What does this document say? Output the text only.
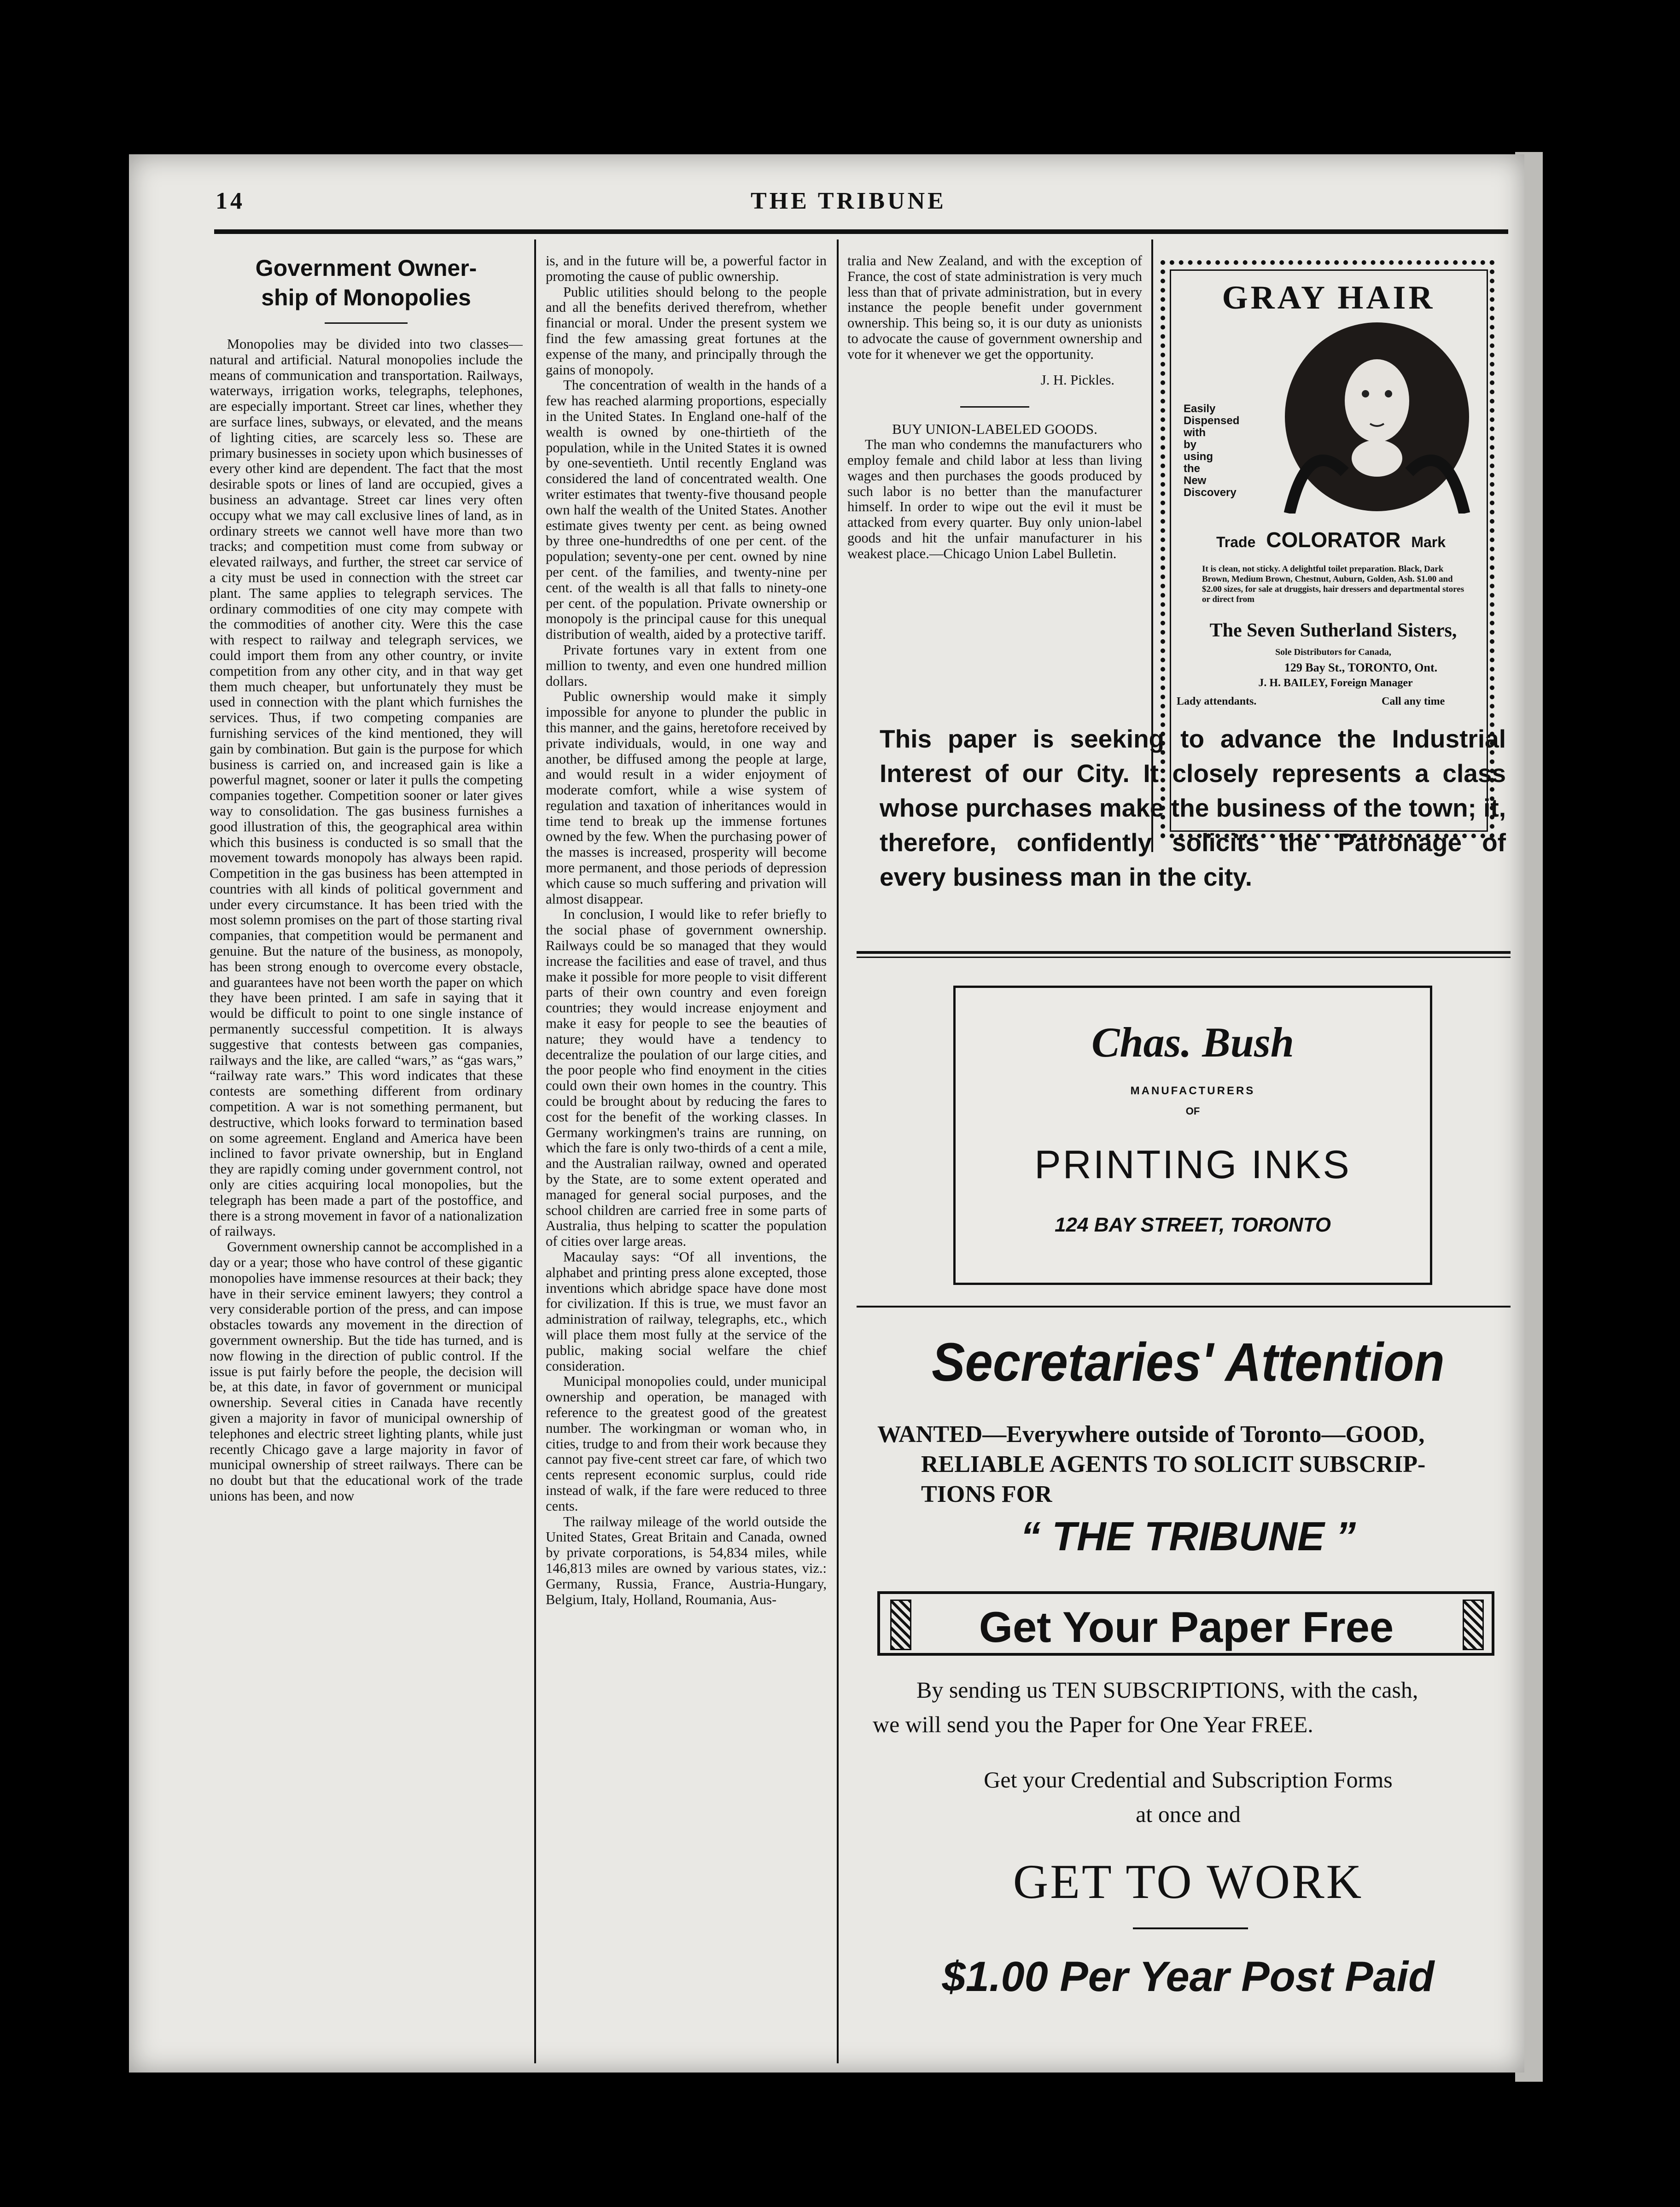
14	THE TRIBUNE
Government Owner-
ship of Monopolies

Monopolies may be divided into two classes—natural and artificial. Natural monopolies include the means of communication and transportation. Railways, waterways, irrigation works, telegraphs, telephones, are especially important. Street car lines, whether they are surface lines, subways, or elevated, and the means of lighting cities, are scarcely less so. These are primary businesses in society upon which businesses of every other kind are dependent. The fact that the most desirable spots or lines of land are occupied, gives a business an advantage. Street car lines very often occupy what we may call exclusive lines of land, as in ordinary streets we cannot well have more than two tracks; and competition must come from subway or elevated railways, and further, the street car service of a city must be used in connection with the street car plant. The same applies to telegraph services. The ordinary commodities of one city may compete with the commodities of another city. Were this the case with respect to railway and telegraph services, we could import them from any other country, or invite competition from any other city, and in that way get them much cheaper, but unfortunately they must be used in connection with the plant which furnishes the services. Thus, if two competing companies are furnishing services of the kind mentioned, they will gain by combination. But gain is the purpose for which business is carried on, and increased gain is like a powerful magnet, sooner or later it pulls the competing companies together. Competition sooner or later gives way to consolidation. The gas business furnishes a good illustration of this, the geographical area within which this business is conducted is so small that the movement towards monopoly has always been rapid. Competition in the gas business has been attempted in countries with all kinds of political government and under every circumstance. It has been tried with the most solemn promises on the part of those starting rival companies, that competition would be permanent and genuine. But the nature of the business, as monopoly, has been strong enough to overcome every obstacle, and guarantees have not been worth the paper on which they have been printed. I am safe in saying that it would be difficult to point to one single instance of permanently successful competition. It is always suggestive that contests between gas companies, railways and the like, are called “wars,” as “gas wars,” “railway rate wars.” This word indicates that these contests are something different from ordinary competition. A war is not something permanent, but destructive, which looks forward to termination based on some agreement. England and America have been inclined to favor private ownership, but in England they are rapidly coming under government control, not only are cities acquiring local monopolies, but the telegraph has been made a part of the postoffice, and there is a strong movement in favor of a nationalization of railways.

Government ownership cannot be accomplished in a day or a year; those who have control of these gigantic monopolies have immense resources at their back; they have in their service eminent lawyers; they control a very considerable portion of the press, and can impose obstacles towards any movement in the direction of government ownership. But the tide has turned, and is now flowing in the direction of public control. If the issue is put fairly before the people, the decision will be, at this date, in favor of government or municipal ownership. Several cities in Canada have recently given a majority in favor of municipal ownership of telephones and electric street lighting plants, while just recently Chicago gave a large majority in favor of municipal ownership of street railways. There can be no doubt but that the educational work of the trade unions has been, and now

is, and in the future will be, a powerful factor in promoting the cause of public ownership.

Public utilities should belong to the people and all the benefits derived therefrom, whether financial or moral. Under the present system we find the few amassing great fortunes at the expense of the many, and principally through the gains of monopoly.

The concentration of wealth in the hands of a few has reached alarming proportions, especially in the United States. In England one-half of the wealth is owned by one-thirtieth of the population, while in the United States it is owned by one-seventieth. Until recently England was considered the land of concentrated wealth. One writer estimates that twenty-five thousand people own half the wealth of the United States. Another estimate gives twenty per cent. as being owned by three one-hundredths of one per cent. of the population; seventy-one per cent. owned by nine per cent. of the families, and twenty-nine per cent. of the wealth is all that falls to ninety-one per cent. of the population. Private ownership or monopoly is the principal cause for this unequal distribution of wealth, aided by a protective tariff.

Private fortunes vary in extent from one million to twenty, and even one hundred million dollars.

Public ownership would make it simply impossible for anyone to plunder the public in this manner, and the gains, heretofore received by private individuals, would, in one way and another, be diffused among the people at large, and would result in a wider enjoyment of moderate comfort, while a wise system of regulation and taxation of inheritances would in time tend to break up the immense fortunes owned by the few. When the purchasing power of the masses is increased, prosperity will become more permanent, and those periods of depression which cause so much suffering and privation will almost disappear.

In conclusion, I would like to refer briefly to the social phase of government ownership. Railways could be so managed that they would increase the facilities and ease of travel, and thus make it possible for more people to visit different parts of their own country and even foreign countries; they would increase enjoyment and make it easy for people to see the beauties of nature; they would have a tendency to decentralize the poulation of our large cities, and the poor people who find enoyment in the cities could own their own homes in the country. This could be brought about by reducing the fares to cost for the benefit of the working classes. In Germany workingmen's trains are running, on which the fare is only two-thirds of a cent a mile, and the Australian railway, owned and operated by the State, are to some extent operated and managed for general social purposes, and the school children are carried free in some parts of Australia, thus helping to scatter the population of cities over large areas.

Macaulay says: “Of all inventions, the alphabet and printing press alone excepted, those inventions which abridge space have done most for civilization. If this is true, we must favor an administration of railway, telegraphs, etc., which will place them most fully at the service of the public, making social welfare the chief consideration.

Municipal monopolies could, under municipal ownership and operation, be managed with reference to the greatest good of the greatest number. The workingman or woman who, in cities, trudge to and from their work because they cannot pay five-cent street car fare, of which two cents represent economic surplus, could ride instead of walk, if the fare were reduced to three cents.

The railway mileage of the world outside the United States, Great Britain and Canada, owned by private corporations, is 54,834 miles, while 146,813 miles are owned by various states, viz.: Germany, Russia, France, Austria-Hungary, Belgium, Italy, Holland, Roumania, Aus-

tralia and New Zealand, and with the exception of France, the cost of state administration is very much less than that of private administration, but in every instance the people benefit under government ownership. This being so, it is our duty as unionists to advocate the cause of government ownership and vote for it whenever we get the opportunity.

J. H. Pickles.

BUY UNION-LABELED GOODS.

The man who condemns the manufacturers who employ female and child labor at less than living wages and then purchases the goods produced by such labor is no better than the manufacturer himself. In order to wipe out the evil it must be attacked from every quarter. Buy only union-label goods and hit the unfair manufacturer in his weakest place.—Chicago Union Label Bulletin.

GRAY HAIR
Easily
Dispensed
with
by
using
the
New
Discovery
Trade COLORATOR Mark
It is clean, not sticky. A delightful toilet preparation. Black, Dark Brown, Medium Brown, Chestnut, Auburn, Golden, Ash. $1.00 and $2.00 sizes, for sale at druggists, hair dressers and departmental stores or direct from
The Seven Sutherland Sisters,
Sole Distributors for Canada,
129 Bay St., TORONTO, Ont.
J. H. BAILEY, Foreign Manager
Lady attendants.	Call any time
This paper is seeking to advance the Industrial Interest of our City. It closely represents a class whose purchases make the business of the town; it, therefore, confidently solicits the Patronage of every business man in the city.
Chas. Bush
MANUFACTURERS
OF
PRINTING INKS
124 BAY STREET, TORONTO
Secretaries' Attention
WANTED—Everywhere outside of Toronto—GOOD,
RELIABLE AGENTS TO SOLICIT SUBSCRIP-
TIONS FOR
“ THE TRIBUNE ”
Get Your Paper Free
By sending us TEN SUBSCRIPTIONS, with the cash,
we will send you the Paper for One Year FREE.
Get your Credential and Subscription Forms
at once and
GET TO WORK
$1.00 Per Year Post Paid
